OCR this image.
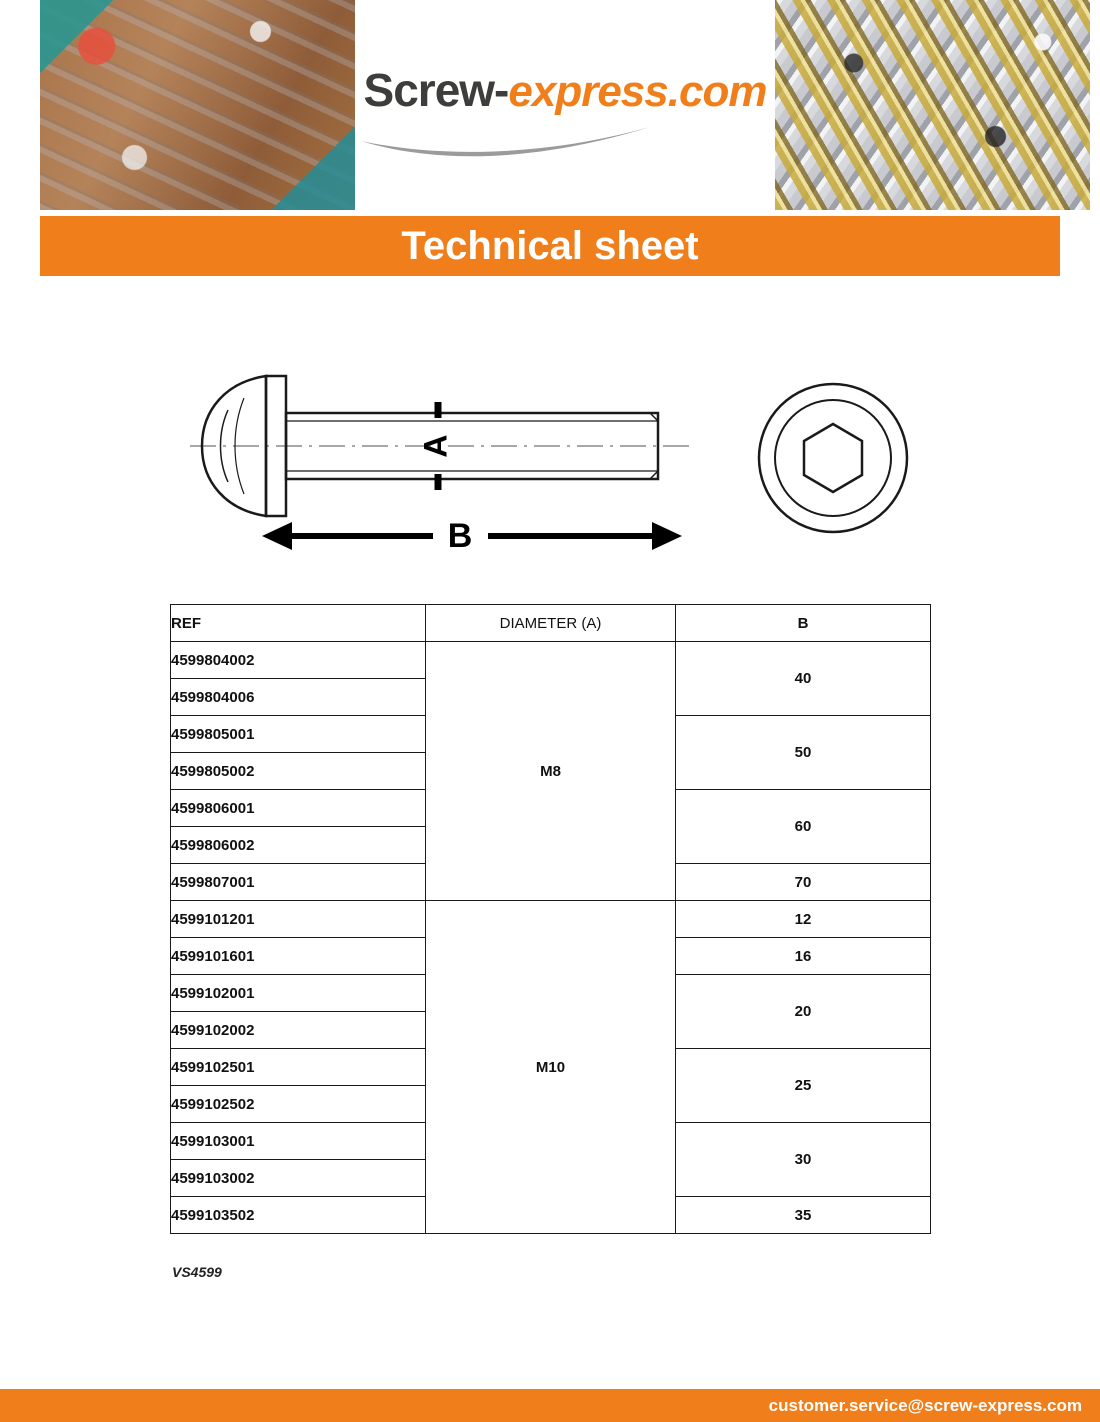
Screw-express.com
Technical sheet
A
B
REF	DIAMETER (A)	B
4599804002	M8	40
4599804006		
4599805001		50
4599805002		
4599806001		60
4599806002		
4599807001		70
4599101201	M10	12
4599101601		16
4599102001		20
4599102002		
4599102501		25
4599102502		
4599103001		30
4599103002		
4599103502		35
VS4599
customer.service@screw-express.com
